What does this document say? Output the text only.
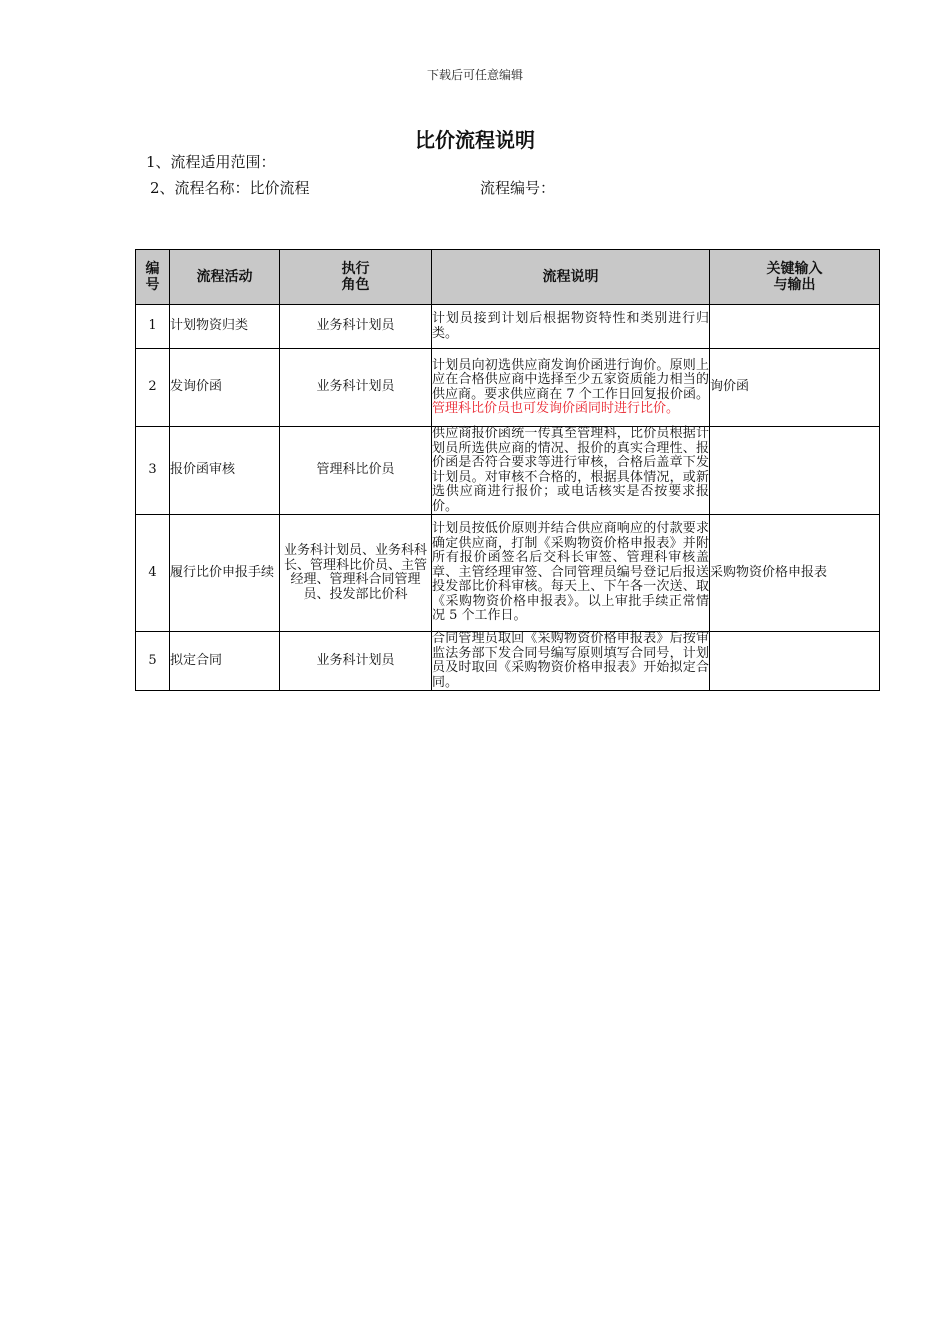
下载后可任意编辑
比价流程说明
1、流程适用范围：
2、流程名称：比价流程	流程编号：
编
号	流程活动	执行
角色	流程说明	关键输入
与输出
1	计划物资归类	业务科计划员	计划员接到计划后根据物资特性和类别进行归类。	
2	发询价函	业务科计划员	计划员向初选供应商发询价函进行询价。原则上应在合格供应商中选择至少五家资质能力相当的供应商。要求供应商在 7 个工作日回复报价函。管理科比价员也可发询价函同时进行比价。	询价函
3	报价函审核	管理科比价员	供应商报价函统一传真至管理科，比价员根据计划员所选供应商的情况、报价的真实合理性、报价函是否符合要求等进行审核，合格后盖章下发计划员。对审核不合格的，根据具体情况，或新选供应商进行报价；或电话核实是否按要求报价。	
4	履行比价申报手续	业务科计划员、业务科科长、管理科比价员、主管经理、管理科合同管理员、投发部比价科	计划员按低价原则并结合供应商响应的付款要求确定供应商，打制《采购物资价格申报表》并附所有报价函签名后交科长审签、管理科审核盖章、主管经理审签、合同管理员编号登记后报送投发部比价科审核。每天上、下午各一次送、取《采购物资价格申报表》。以上审批手续正常情况 5 个工作日。	采购物资价格申报表
5	拟定合同	业务科计划员	合同管理员取回《采购物资价格申报表》后按审监法务部下发合同号编写原则填写合同号，计划员及时取回《采购物资价格申报表》开始拟定合同。	
